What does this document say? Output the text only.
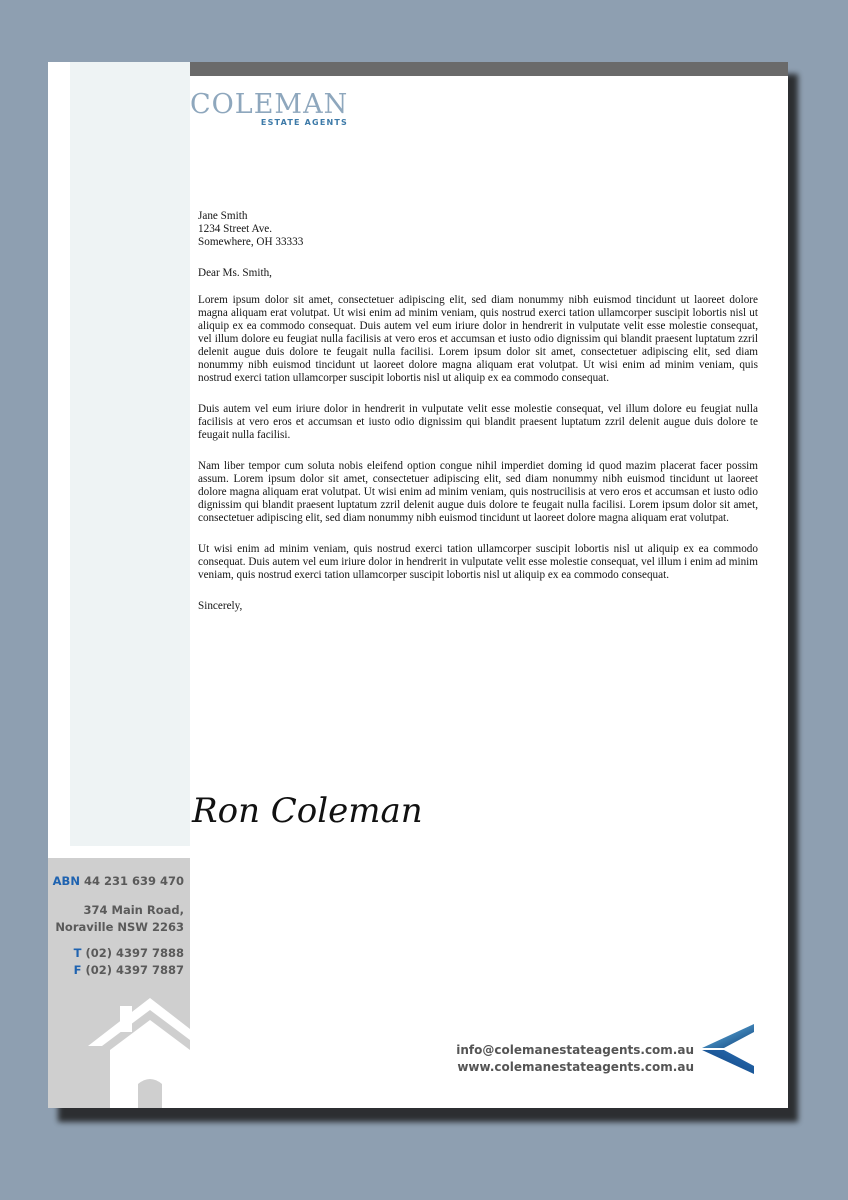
COLEMAN
ESTATE AGENTS
Jane Smith
1234 Street Ave.
Somewhere, OH 33333

Dear Ms. Smith,

Lorem ipsum dolor sit amet, consectetuer adipiscing elit, sed diam nonummy nibh euismod tincidunt ut laoreet dolore magna aliquam erat volutpat. Ut wisi enim ad minim veniam, quis nostrud exerci tation ullamcorper suscipit lobortis nisl ut aliquip ex ea commodo consequat. Duis autem vel eum iriure dolor in hendrerit in vulputate velit esse molestie consequat, vel illum dolore eu feugiat nulla facilisis at vero eros et accumsan et iusto odio dignissim qui blandit praesent luptatum zzril delenit augue duis dolore te feugait nulla facilisi. Lorem ipsum dolor sit amet, consectetuer adipiscing elit, sed diam nonummy nibh euismod tincidunt ut laoreet dolore magna aliquam erat volutpat. Ut wisi enim ad minim veniam, quis nostrud exerci tation ullamcorper suscipit lobortis nisl ut aliquip ex ea commodo consequat.

Duis autem vel eum iriure dolor in hendrerit in vulputate velit esse molestie consequat, vel illum dolore eu feugiat nulla facilisis at vero eros et accumsan et iusto odio dignissim qui blandit praesent luptatum zzril delenit augue duis dolore te feugait nulla facilisi.

Nam liber tempor cum soluta nobis eleifend option congue nihil imperdiet doming id quod mazim placerat facer possim assum. Lorem ipsum dolor sit amet, consectetuer adipiscing elit, sed diam nonummy nibh euismod tincidunt ut laoreet dolore magna aliquam erat volutpat. Ut wisi enim ad minim veniam, quis nostrucilisis at vero eros et accumsan et iusto odio dignissim qui blandit praesent luptatum zzril delenit augue duis dolore te feugait nulla facilisi. Lorem ipsum dolor sit amet, consectetuer adipiscing elit, sed diam nonummy nibh euismod tincidunt ut laoreet dolore magna aliquam erat volutpat.

Ut wisi enim ad minim veniam, quis nostrud exerci tation ullamcorper suscipit lobortis nisl ut aliquip ex ea commodo consequat. Duis autem vel eum iriure dolor in hendrerit in vulputate velit esse molestie consequat, vel illum i enim ad minim veniam, quis nostrud exerci tation ullamcorper suscipit lobortis nisl ut aliquip ex ea commodo consequat.

Sincerely,

Ron Coleman
ABN 44 231 639 470
374 Main Road,
Noraville NSW 2263
T (02) 4397 7888
F (02) 4397 7887
info@colemanestateagents.com.au
www.colemanestateagents.com.au
